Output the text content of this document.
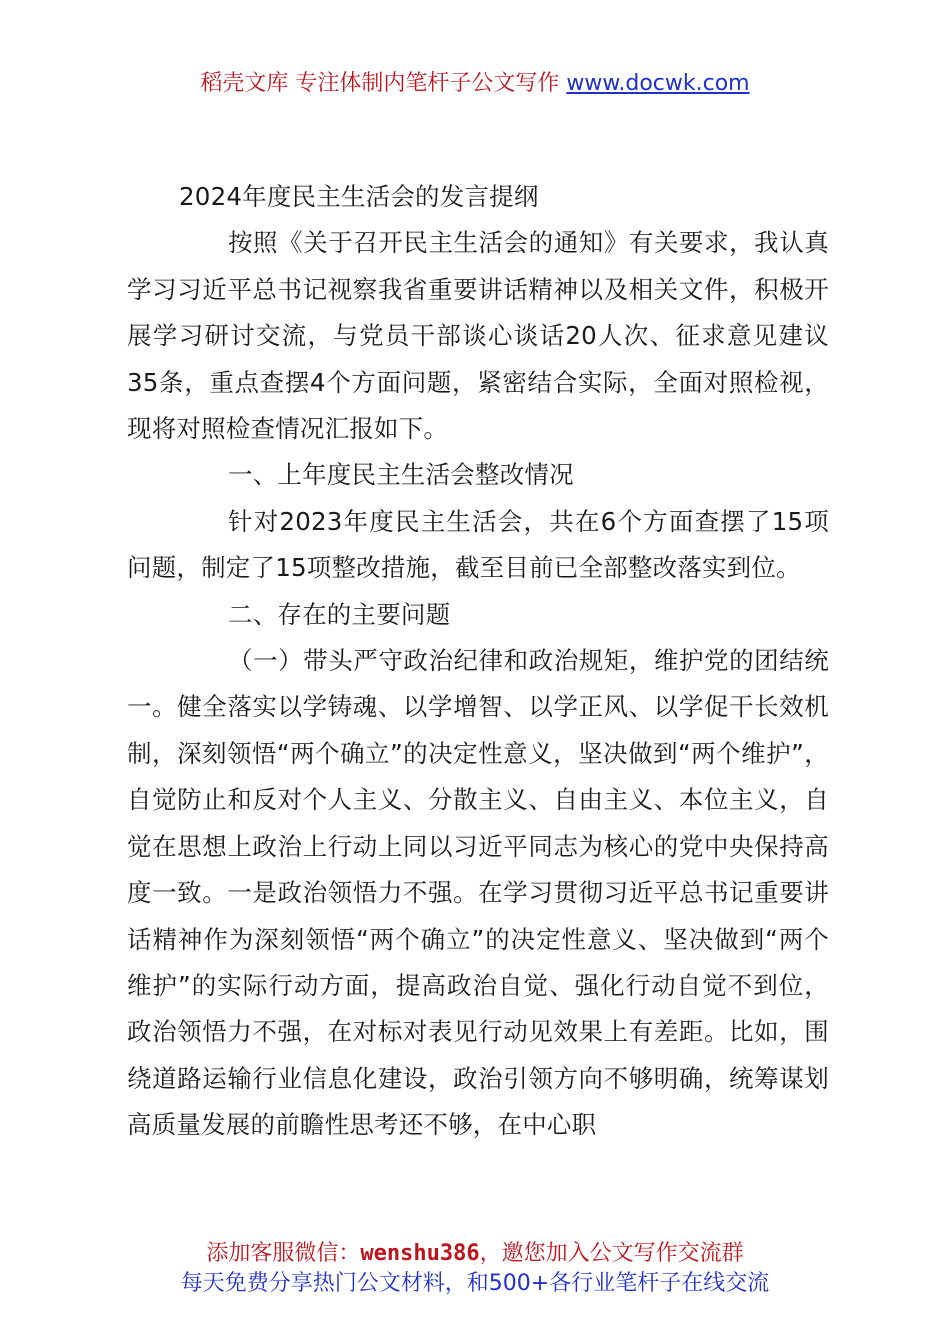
稻壳文库 专注体制内笔杆子公文写作 www.docwk.com

2024年度民主生活会的发言提纲

按照《关于召开民主生活会的通知》有关要求，我认真学习习近平总书记视察我省重要讲话精神以及相关文件，积极开展学习研讨交流，与党员干部谈心谈话20人次、征求意见建议35条，重点查摆4个方面问题，紧密结合实际，全面对照检视，现将对照检查情况汇报如下。

一、上年度民主生活会整改情况

针对2023年度民主生活会，共在6个方面查摆了15项问题，制定了15项整改措施，截至目前已全部整改落实到位。

二、存在的主要问题

（一）带头严守政治纪律和政治规矩，维护党的团结统一。健全落实以学铸魂、以学增智、以学正风、以学促干长效机制，深刻领悟“两个确立”的决定性意义，坚决做到“两个维护”，自觉防止和反对个人主义、分散主义、自由主义、本位主义，自觉在思想上政治上行动上同以习近平同志为核心的党中央保持高度一致。一是政治领悟力不强。在学习贯彻习近平总书记重要讲话精神作为深刻领悟“两个确立”的决定性意义、坚决做到“两个维护”的实际行动方面，提高政治自觉、强化行动自觉不到位，政治领悟力不强，在对标对表见行动见效果上有差距。比如，围绕道路运输行业信息化建设，政治引领方向不够明确，统筹谋划高质量发展的前瞻性思考还不够，在中心职

添加客服微信：wenshu386，邀您加入公文写作交流群
每天免费分享热门公文材料，和500+各行业笔杆子在线交流
